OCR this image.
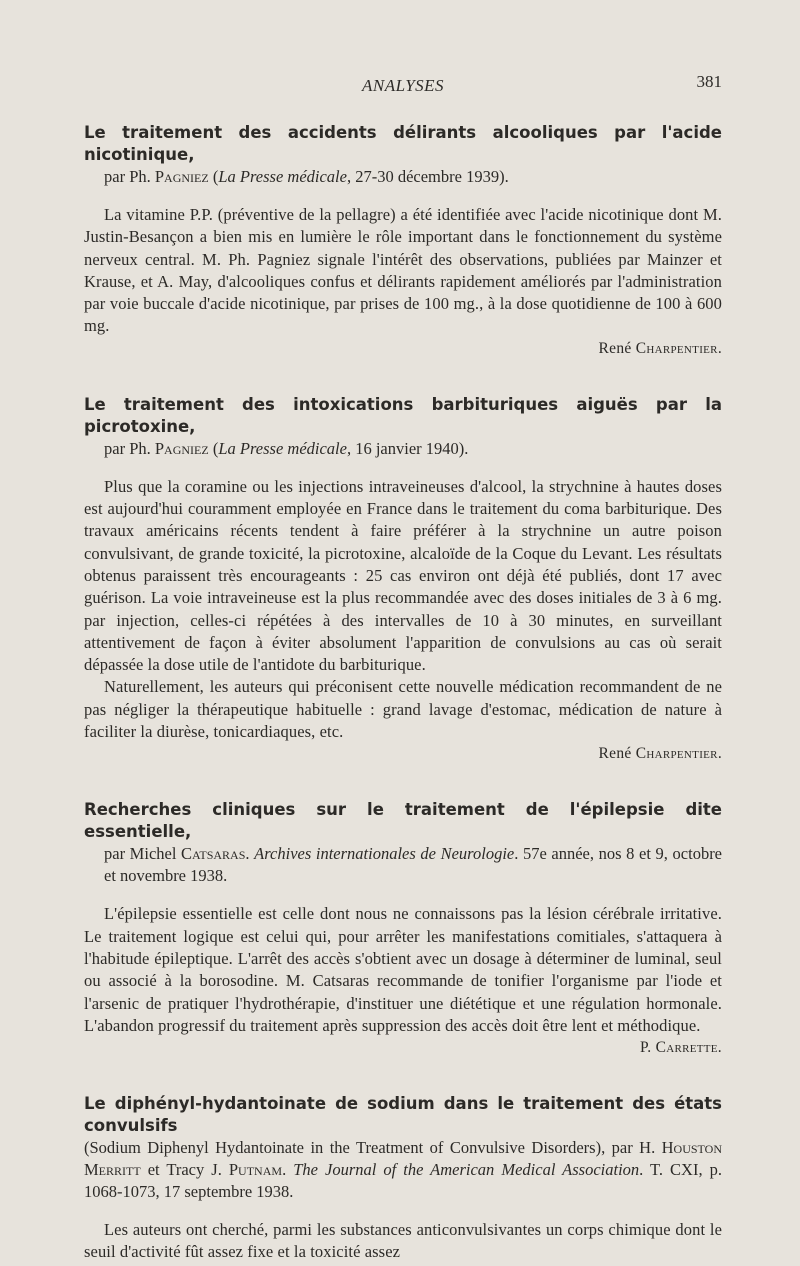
ANALYSES	381
Le traitement des accidents délirants alcooliques par l'acide nicotinique,
par Ph. Pagniez (La Presse médicale, 27-30 décembre 1939).

La vitamine P.P. (préventive de la pellagre) a été identifiée avec l'acide nicotinique dont M. Justin-Besançon a bien mis en lumière le rôle important dans le fonctionnement du système nerveux central. M. Ph. Pagniez signale l'intérêt des observations, publiées par Mainzer et Krause, et A. May, d'alcooliques confus et délirants rapidement améliorés par l'administration par voie buccale d'acide nicotinique, par prises de 100 mg., à la dose quotidienne de 100 à 600 mg.

René Charpentier.
Le traitement des intoxications barbituriques aiguës par la picrotoxine,
par Ph. Pagniez (La Presse médicale, 16 janvier 1940).

Plus que la coramine ou les injections intraveineuses d'alcool, la strychnine à hautes doses est aujourd'hui couramment employée en France dans le traitement du coma barbiturique. Des travaux américains récents tendent à faire préférer à la strychnine un autre poison convulsivant, de grande toxicité, la picrotoxine, alcaloïde de la Coque du Levant. Les résultats obtenus paraissent très encourageants : 25 cas environ ont déjà été publiés, dont 17 avec guérison. La voie intraveineuse est la plus recommandée avec des doses initiales de 3 à 6 mg. par injection, celles-ci répétées à des intervalles de 10 à 30 minutes, en surveillant attentivement de façon à éviter absolument l'apparition de convulsions au cas où serait dépassée la dose utile de l'antidote du barbiturique.

Naturellement, les auteurs qui préconisent cette nouvelle médication recommandent de ne pas négliger la thérapeutique habituelle : grand lavage d'estomac, médication de nature à faciliter la diurèse, tonicardiaques, etc.

René Charpentier.
Recherches cliniques sur le traitement de l'épilepsie dite essentielle,
par Michel Catsaras. Archives internationales de Neurologie. 57e année, nos 8 et 9, octobre et novembre 1938.

L'épilepsie essentielle est celle dont nous ne connaissons pas la lésion cérébrale irritative. Le traitement logique est celui qui, pour arrêter les manifestations comitiales, s'attaquera à l'habitude épileptique. L'arrêt des accès s'obtient avec un dosage à déterminer de luminal, seul ou associé à la borosodine. M. Catsaras recommande de tonifier l'organisme par l'iode et l'arsenic de pratiquer l'hydrothérapie, d'instituer une diététique et une régulation hormonale. L'abandon progressif du traitement après suppression des accès doit être lent et méthodique.

P. Carrette.
Le diphényl-hydantoinate de sodium dans le traitement des états convulsifs
(Sodium Diphenyl Hydantoinate in the Treatment of Convulsive Disorders), par H. Houston Merritt et Tracy J. Putnam. The Journal of the American Medical Association. T. CXI, p. 1068-1073, 17 septembre 1938.

Les auteurs ont cherché, parmi les substances anticonvulsivantes un corps chimique dont le seuil d'activité fût assez fixe et la toxicité assez
